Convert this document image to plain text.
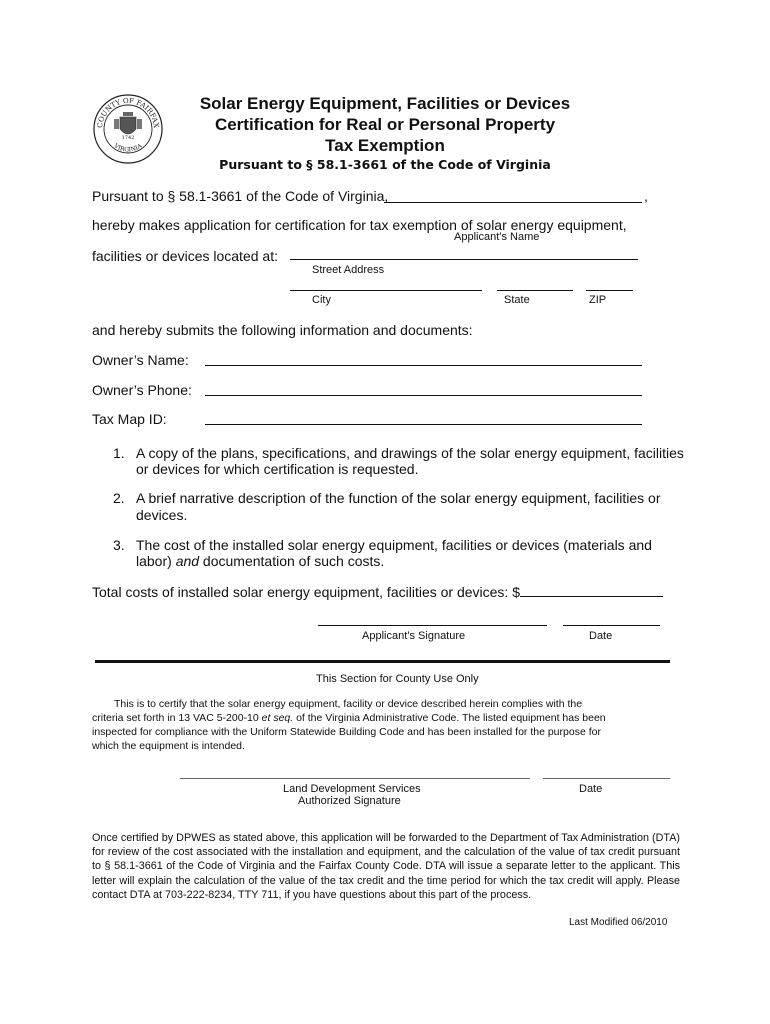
COUNTY OF FAIRFAX
VIRGINIA
1742
Solar Energy Equipment, Facilities or Devices
Certification for Real or Personal Property
Tax Exemption
Pursuant to § 58.1-3661 of the Code of Virginia
Pursuant to § 58.1-3661 of the Code of Virginia,	,
Applicant’s Name
hereby makes application for certification for tax exemption of solar energy equipment,
facilities or devices located at:
Street Address
City	State	ZIP
and hereby submits the following information and documents:
Owner’s Name:
Owner’s Phone:
Tax Map ID:
1. A copy of the plans, specifications, and drawings of the solar energy equipment, facilities
or devices for which certification is requested.
2. A brief narrative description of the function of the solar energy equipment, facilities or
devices.
3. The cost of the installed solar energy equipment, facilities or devices (materials and
labor) and documentation of such costs.
Total costs of installed solar energy equipment, facilities or devices: $
Applicant’s Signature	Date
This Section for County Use Only
This is to certify that the solar energy equipment, facility or device described herein complies with the
criteria set forth in 13 VAC 5-200-10 et seq. of the Virginia Administrative Code. The listed equipment has been
inspected for compliance with the Uniform Statewide Building Code and has been installed for the purpose for
which the equipment is intended.
Land Development Services
Authorized Signature
Date
Once certified by DPWES as stated above, this application will be forwarded to the Department of Tax Administration (DTA) for review of the cost associated with the installation and equipment, and the calculation of the value of tax credit pursuant to § 58.1-3661 of the Code of Virginia and the Fairfax County Code. DTA will issue a separate letter to the applicant. This letter will explain the calculation of the value of the tax credit and the time period for which the tax credit will apply. Please contact DTA at 703-222-8234, TTY 711, if you have questions about this part of the process.
Last Modified 06/2010
